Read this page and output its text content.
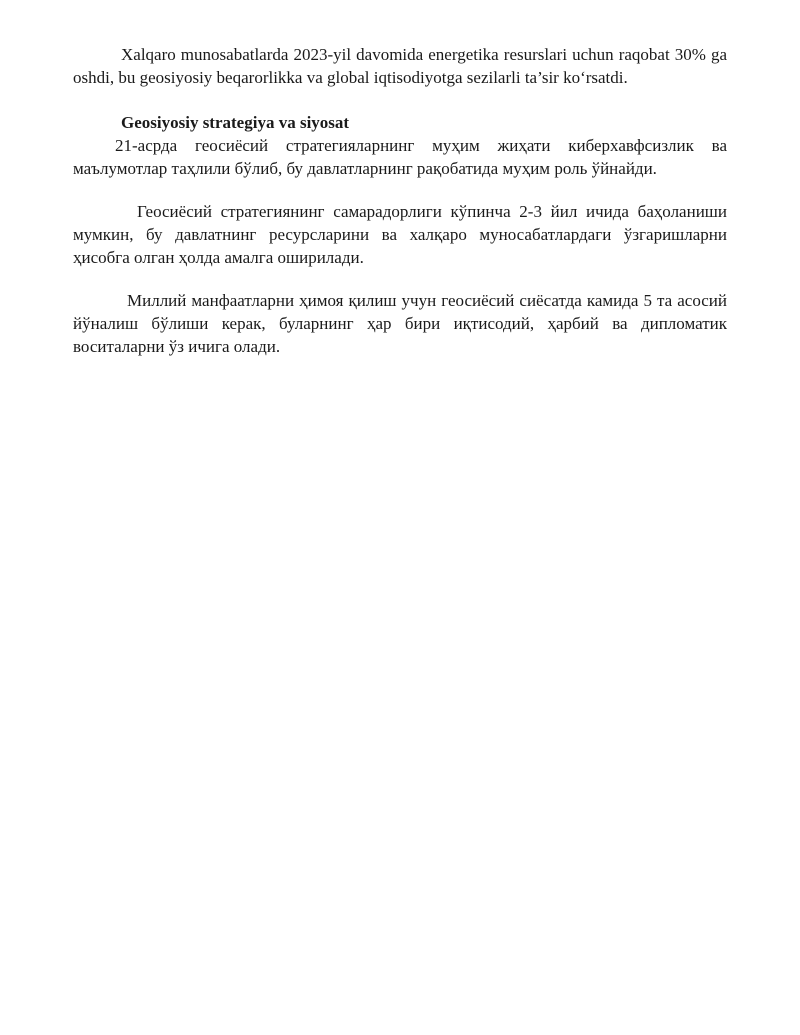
Xalqaro munosabatlarda 2023-yil davomida energetika resurslari uchun raqobat 30% ga oshdi, bu geosiyosiy beqarorlikka va global iqtisodiyotga sezilarli ta’sir ko‘rsatdi.

Geosiyosiy strategiya va siyosat

21-асрда геосиёсий стратегияларнинг муҳим жиҳати киберхавфсизлик ва маълумотлар таҳлили бўлиб, бу давлатларнинг рақобатида муҳим роль ўйнайди.

Геосиёсий стратегиянинг самарадорлиги кўпинча 2-3 йил ичида баҳоланиши мумкин, бу давлатнинг ресурсларини ва халқаро муносабатлардаги ўзгаришларни ҳисобга олган ҳолда амалга оширилади.

Миллий манфаатларни ҳимоя қилиш учун геосиёсий сиёсатда камида 5 та асосий йўналиш бўлиши керак, буларнинг ҳар бири иқтисодий, ҳарбий ва дипломатик воситаларни ўз ичига олади.
